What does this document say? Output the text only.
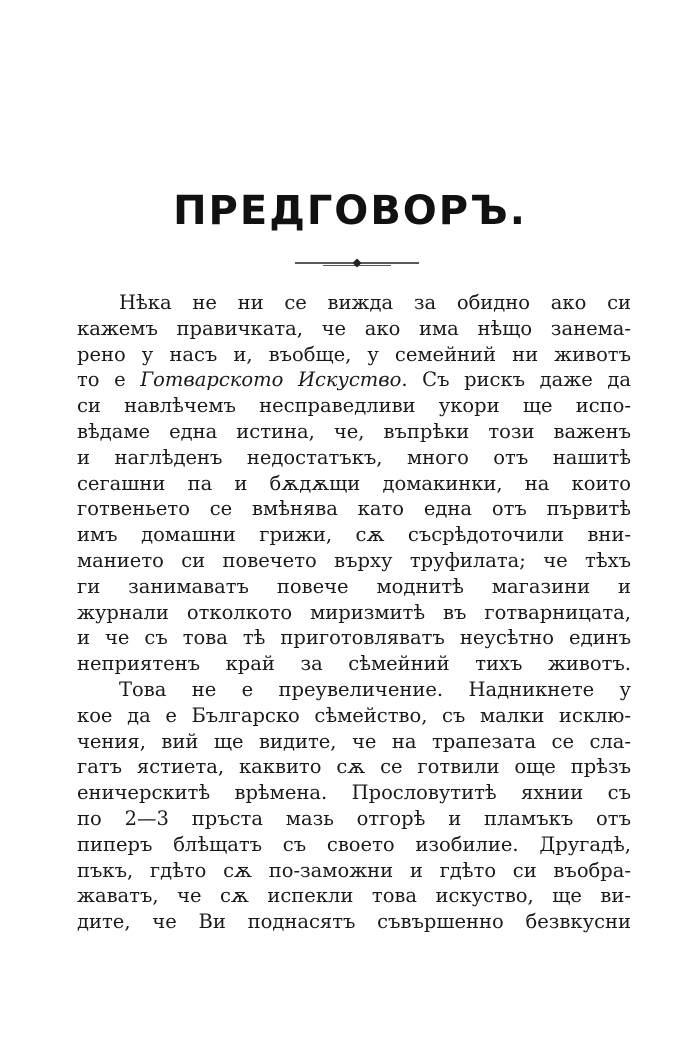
ПРЕДГОВОРЪ.
Нѣка не ни се вижда за обидно ако си
кажемъ правичката, че ако има нѣщо занема-
рено у насъ и, въобще, у семейний ни животъ
то е Готварското Искуство. Съ рискъ даже да
си навлѣчемъ несправедливи укори ще испо-
вѣдаме една истина, че, въпрѣки този важенъ
и наглѣденъ недостатъкъ, много отъ нашитѣ
сегашни па и бѫдѫщи домакинки, на които
готвеньето се вмѣнява като една отъ първитѣ
имъ домашни грижи, сѫ съсрѣдоточили вни-
манието си повечето върху труфилата; че тѣхъ
ги занимаватъ повече моднитѣ магазини и
журнали отколкото миризмитѣ въ готварницата,
и че съ това тѣ приготовляватъ неусѣтно единъ
неприятенъ край за сѣмейний тихъ животъ.
Това не е преувеличение. Надникнете у
кое да е Българско сѣмейство, съ малки исклю-
чения, вий ще видите, че на трапезата се сла-
гатъ ястиета, каквито сѫ се готвили още прѣзъ
еничерскитѣ врѣмена. Прословутитѣ яхнии съ
по 2—3 пръста мазь отгорѣ и пламъкъ отъ
пиперъ блѣщатъ съ своето изобилие. Другадѣ,
пъкъ, гдѣто сѫ по-заможни и гдѣто си въобра-
жаватъ, че сѫ испекли това искуство, ще ви-
дите, че Ви поднасятъ съвършенно безвкусни
